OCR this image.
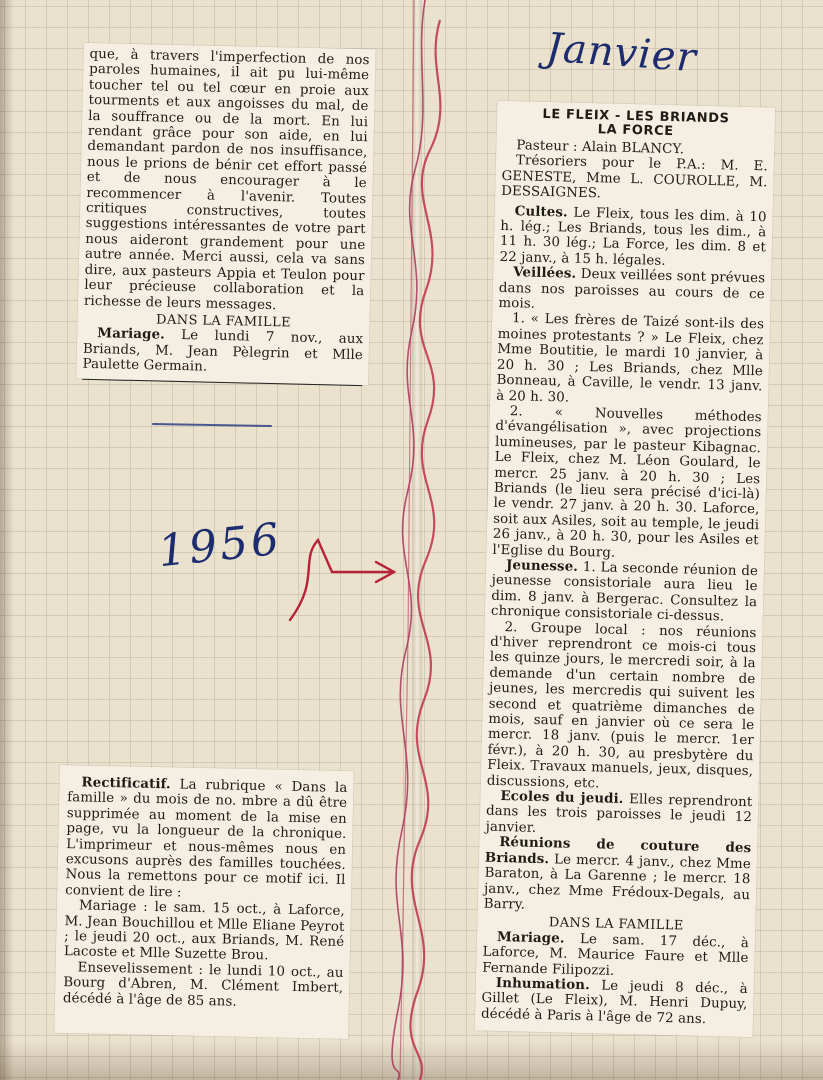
Janvier
1956

que, à travers l'imperfection de nos paroles humaines, il ait pu lui-même toucher tel ou tel cœur en proie aux tourments et aux angoisses du mal, de la souffrance ou de la mort. En lui rendant grâce pour son aide, en lui demandant pardon de nos insuffisance, nous le prions de bénir cet effort passé et de nous encourager à le recommencer à l'avenir. Toutes critiques constructives, toutes suggestions intéressantes de votre part nous aideront grandement pour une autre année. Merci aussi, cela va sans dire, aux pasteurs Appia et Teulon pour leur précieuse collaboration et la richesse de leurs messages.

DANS LA FAMILLE

Mariage. Le lundi 7 nov., aux Briands, M. Jean Pèlegrin et Mlle Paulette Germain.

Rectificatif. La rubrique « Dans la famille » du mois de no. mbre a dû être supprimée au moment de la mise en page, vu la longueur de la chronique. L'imprimeur et nous-mêmes nous en excusons auprès des familles touchées. Nous la remettons pour ce motif ici. Il convient de lire :

Mariage : le sam. 15 oct., à Laforce, M. Jean Bouchillou et Mlle Eliane Peyrot ; le jeudi 20 oct., aux Briands, M. René Lacoste et Mlle Suzette Brou.

Ensevelissement : le lundi 10 oct., au Bourg d'Abren, M. Clément Imbert, décédé à l'âge de 85 ans.

LE FLEIX - LES BRIANDS

LA FORCE

Pasteur : Alain BLANCY.

Trésoriers pour le P.A.: M. E. GENESTE, Mme L. COUROLLE, M. DESSAIGNES.

Cultes. Le Fleix, tous les dim. à 10 h. lég.; Les Briands, tous les dim., à 11 h. 30 lég.; La Force, les dim. 8 et 22 janv., à 15 h. légales.

Veillées. Deux veillées sont prévues dans nos paroisses au cours de ce mois.

1. « Les frères de Taizé sont-ils des moines protestants ? » Le Fleix, chez Mme Boutitie, le mardi 10 janvier, à 20 h. 30 ; Les Briands, chez Mlle Bonneau, à Caville, le vendr. 13 janv. à 20 h. 30.

2. « Nouvelles méthodes d'évangélisation », avec projections lumineuses, par le pasteur Kibagnac. Le Fleix, chez M. Léon Goulard, le mercr. 25 janv. à 20 h. 30 ; Les Briands (le lieu sera précisé d'ici-là) le vendr. 27 janv. à 20 h. 30. Laforce, soit aux Asiles, soit au temple, le jeudi 26 janv., à 20 h. 30, pour les Asiles et l'Eglise du Bourg.

Jeunesse. 1. La seconde réunion de jeunesse consistoriale aura lieu le dim. 8 janv. à Bergerac. Consultez la chronique consistoriale ci-dessus.

2. Groupe local : nos réunions d'hiver reprendront ce mois-ci tous les quinze jours, le mercredi soir, à la demande d'un certain nombre de jeunes, les mercredis qui suivent les second et quatrième dimanches de mois, sauf en janvier où ce sera le mercr. 18 janv. (puis le mercr. 1er févr.), à 20 h. 30, au presbytère du Fleix. Travaux manuels, jeux, disques, discussions, etc.

Ecoles du jeudi. Elles reprendront dans les trois paroisses le jeudi 12 janvier.

Réunions de couture des Briands. Le mercr. 4 janv., chez Mme Baraton, à La Garenne ; le mercr. 18 janv., chez Mme Frédoux-Degals, au Barry.

DANS LA FAMILLE

Mariage. Le sam. 17 déc., à Laforce, M. Maurice Faure et Mlle Fernande Filipozzi.

Inhumation. Le jeudi 8 déc., à Gillet (Le Fleix), M. Henri Dupuy, décédé à Paris à l'âge de 72 ans.
